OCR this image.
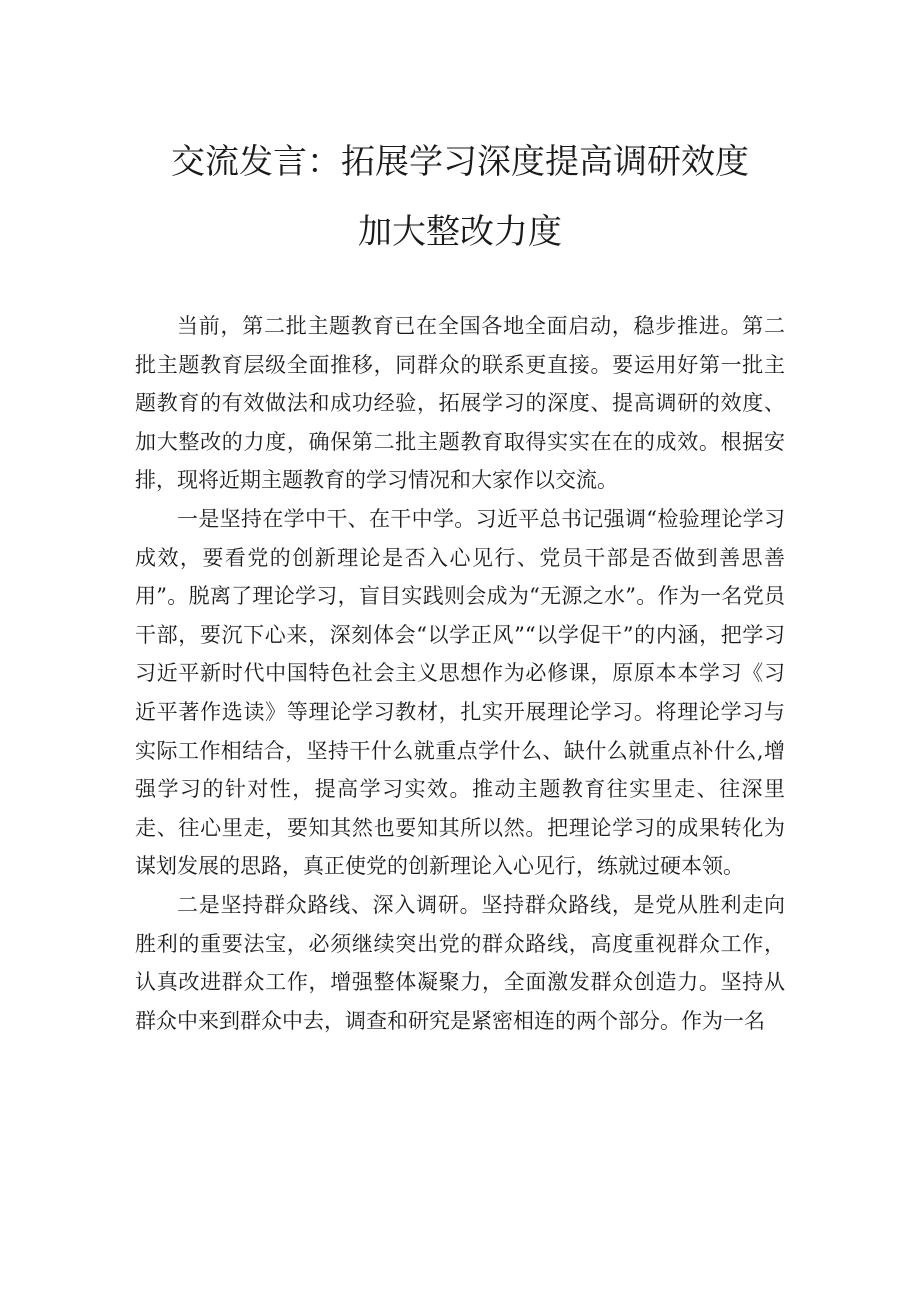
交流发言：拓展学习深度提高调研效度
加大整改力度

当前，第二批主题教育已在全国各地全面启动，稳步推进。第二批主题教育层级全面推移，同群众的联系更直接。要运用好第一批主题教育的有效做法和成功经验，拓展学习的深度、提高调研的效度、加大整改的力度，确保第二批主题教育取得实实在在的成效。根据安排，现将近期主题教育的学习情况和大家作以交流。

一是坚持在学中干、在干中学。习近平总书记强调“检验理论学习成效，要看党的创新理论是否入心见行、党员干部是否做到善思善用”。脱离了理论学习，盲目实践则会成为“无源之水”。作为一名党员干部，要沉下心来，深刻体会“以学正风”“以学促干”的内涵，把学习习近平新时代中国特色社会主义思想作为必修课，原原本本学习《习近平著作选读》等理论学习教材，扎实开展理论学习。将理论学习与实际工作相结合，坚持干什么就重点学什么、缺什么就重点补什么,增强学习的针对性，提高学习实效。推动主题教育往实里走、往深里走、往心里走，要知其然也要知其所以然。把理论学习的成果转化为谋划发展的思路，真正使党的创新理论入心见行，练就过硬本领。

二是坚持群众路线、深入调研。坚持群众路线，是党从胜利走向胜利的重要法宝，必须继续突出党的群众路线，高度重视群众工作，认真改进群众工作，增强整体凝聚力，全面激发群众创造力。坚持从群众中来到群众中去，调查和研究是紧密相连的两个部分。作为一名
